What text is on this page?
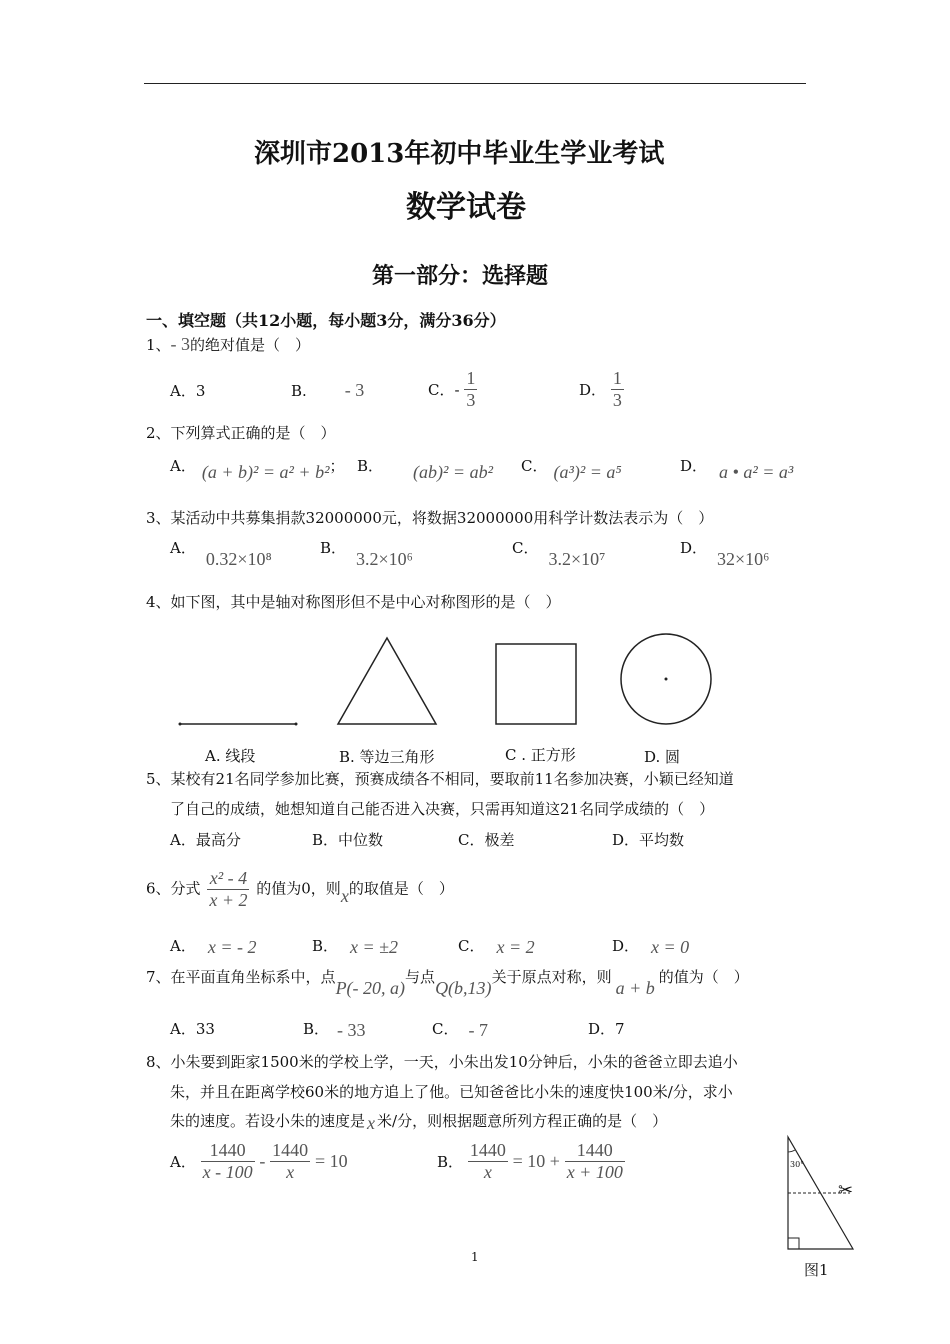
深圳市2013年初中毕业生学业考试
数学试卷
第一部分：选择题
一、填空题（共12小题，每小题3分，满分36分）
1、- 3的绝对值是（　）
A．3	B. - 3	C．- $\frac{1}{3}$	D． $\frac{1}{3}$
2、下列算式正确的是（　）
A． (a + b)² = a² + b²； B． (ab)² = ab² C． (a³)² = a⁵	D． a • a² = a³
3、某活动中共募集捐款32000000元，将数据32000000用科学计数法表示为（　）
A．0.32×10⁸
B．3.2×10⁶
C．3.2×10⁷
D．32×10⁶
4、如下图，其中是轴对称图形但不是中心对称图形的是（　）
A. 线段	B. 等边三角形	C . 正方形	D. 圆
5、某校有21名同学参加比赛，预赛成绩各不相同，要取前11名参加决赛，小颖已经知道
了自己的成绩，她想知道自己能否进入决赛，只需再知道这21名同学成绩的（　）
A．最高分	B．中位数	C．极差	D．平均数
6、分式 $\frac{\text{x² - 4}}{x + 2}$ 的值为0，则x的取值是（　）
A． x = - 2	B． x = ±2	C． x = 2	D． x = 0
7、在平面直角坐标系中，点P(- 20, a)与点Q(b,13)关于原点对称，则a + b的值为（　）
A．33	B． - 33	C． - 7	D．7
8、小朱要到距家1500米的学校上学，一天，小朱出发10分钟后，小朱的爸爸立即去追小
朱，并且在距离学校60米的地方追上了他。已知爸爸比小朱的速度快100米/分，求小
朱的速度。若设小朱的速度是 x 米/分，则根据题意所列方程正确的是（　）
A． $\frac{1440}{x - 100} - \frac{1440}{x} = 10$	B． $\frac{1440}{x} = 10 + \frac{1440}{x + 100}$	30°
✂
图1
1
